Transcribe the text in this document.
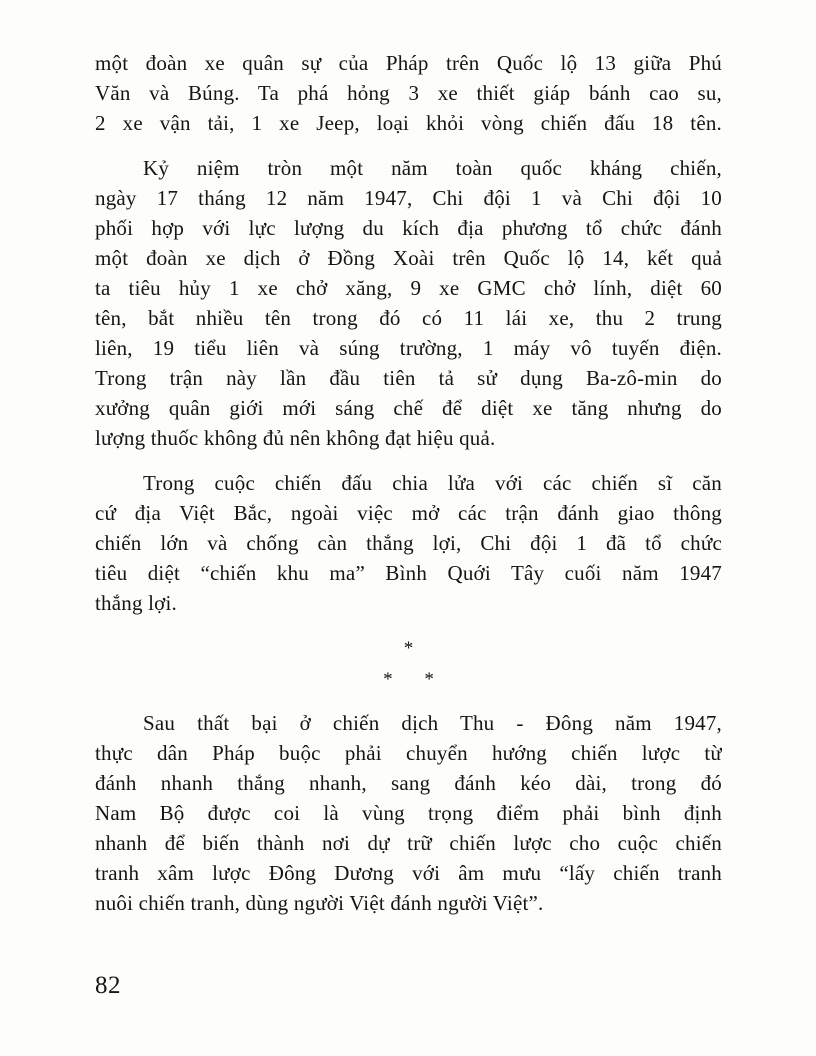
một đoàn xe quân sự của Pháp trên Quốc lộ 13 giữa Phú
Văn và Búng. Ta phá hỏng 3 xe thiết giáp bánh cao su,
2 xe vận tải, 1 xe Jeep, loại khỏi vòng chiến đấu 18 tên.
Kỷ niệm tròn một năm toàn quốc kháng chiến,
ngày 17 tháng 12 năm 1947, Chi đội 1 và Chi đội 10
phối hợp với lực lượng du kích địa phương tổ chức đánh
một đoàn xe dịch ở Đồng Xoài trên Quốc lộ 14, kết quả
ta tiêu hủy 1 xe chở xăng, 9 xe GMC chở lính, diệt 60
tên, bắt nhiều tên trong đó có 11 lái xe, thu 2 trung
liên, 19 tiểu liên và súng trường, 1 máy vô tuyến điện.
Trong trận này lần đầu tiên tả sử dụng Ba-zô-min do
xưởng quân giới mới sáng chế để diệt xe tăng nhưng do
lượng thuốc không đủ nên không đạt hiệu quả.
Trong cuộc chiến đấu chia lửa với các chiến sĩ căn
cứ địa Việt Bắc, ngoài việc mở các trận đánh giao thông
chiến lớn và chống càn thắng lợi, Chi đội 1 đã tổ chức
tiêu diệt “chiến khu ma” Bình Quới Tây cuối năm 1947
thắng lợi.
*
* *
Sau thất bại ở chiến dịch Thu - Đông năm 1947,
thực dân Pháp buộc phải chuyển hướng chiến lược từ
đánh nhanh thắng nhanh, sang đánh kéo dài, trong đó
Nam Bộ được coi là vùng trọng điểm phải bình định
nhanh để biến thành nơi dự trữ chiến lược cho cuộc chiến
tranh xâm lược Đông Dương với âm mưu “lấy chiến tranh
nuôi chiến tranh, dùng người Việt đánh người Việt”.
82
